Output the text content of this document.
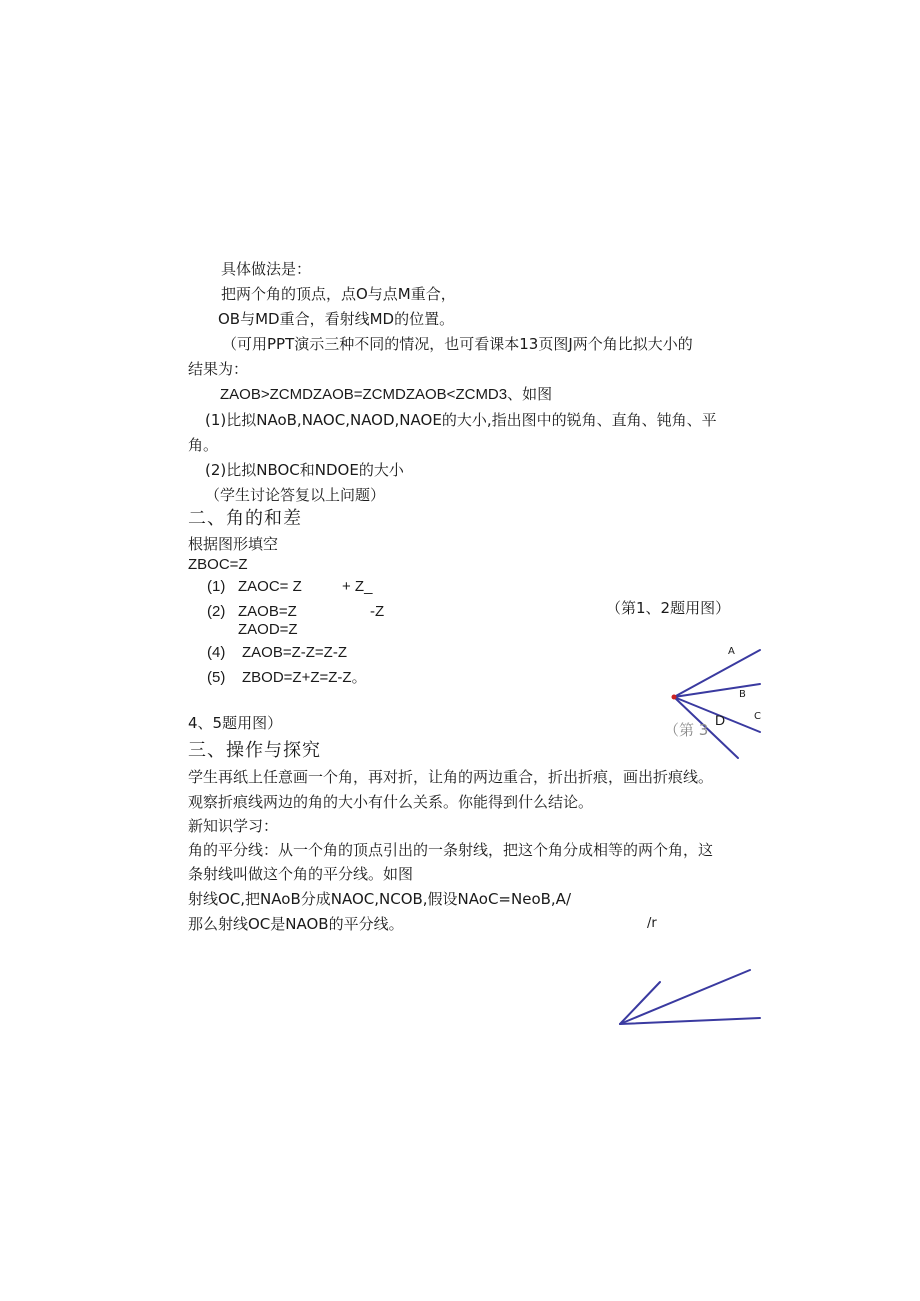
具体做法是：
把两个角的顶点，点O与点M重合，
OB与MD重合，看射线MD的位置。
（可用PPT演示三种不同的情况，也可看课本13页图J两个角比拟大小的
结果为：
ZAOB>ZCMDZAOB=ZCMDZAOB<ZCMD3、如图
(1)比拟NAoB,NAOC,NAOD,NAOE的大小,指出图中的锐角、直角、钝角、平
角。
(2)比拟NBOC和NDOE的大小
（学生讨论答复以上问题）
二、角的和差
根据图形填空
ZBOC=Z
(1) ZAOC= Z	+ Z_
(2) ZAOB=Z	-Z	（第1、2题用图）
ZAOD=Z
(4) ZAOB=Z-Z=Z-Z
(5) ZBOD=Z+Z=Z-Z。
A
B
C
D
（第 3
4、5题用图）
三、操作与探究
学生再纸上任意画一个角，再对折，让角的两边重合，折出折痕，画出折痕线。
观察折痕线两边的角的大小有什么关系。你能得到什么结论。
新知识学习：
角的平分线：从一个角的顶点引出的一条射线，把这个角分成相等的两个角，这
条射线叫做这个角的平分线。如图
射线OC,把NAoB分成NAOC,NCOB,假设NAoC=NeoB,A/
那么射线OC是NAOB的平分线。	/r
